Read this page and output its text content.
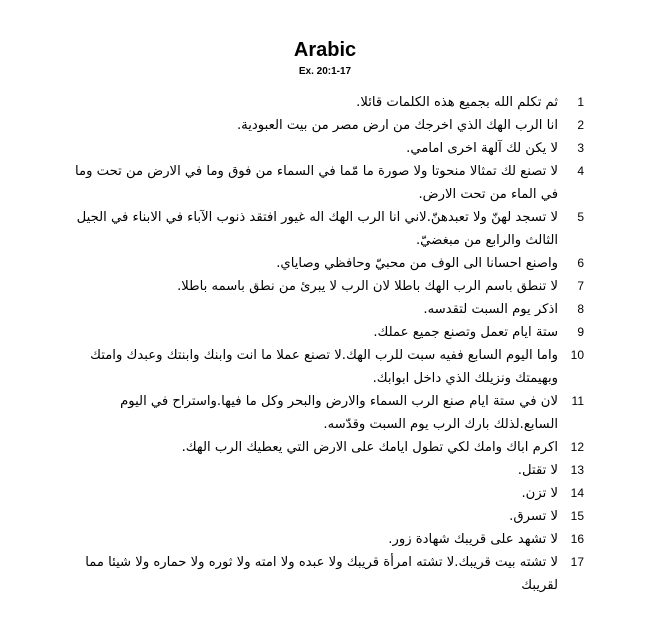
Arabic
Ex. 20:1-17

1
ثم تكلم الله بجميع هذه الكلمات قائلا.

2
انا الرب الهك الذي اخرجك من ارض مصر من بيت العبودية.

3
لا يكن لك آلهة اخرى امامي.

4
لا تصنع لك تمثالا منحوتا ولا صورة ما مّما في السماء من فوق وما في الارض من تحت وما في الماء من تحت الارض.

5
لا تسجد لهنّ ولا تعبدهنّ.لاني انا الرب الهك اله غيور افتقد ذنوب الآباء في الابناء في الجيل الثالث والرابع من مبغضيّ.

6
واصنع احسانا الى الوف من محبيّ وحافظي وصاياي.

7
لا تنطق باسم الرب الهك باطلا لان الرب لا يبرئ من نطق باسمه باطلا.

8
اذكر يوم السبت لتقدسه.

9
ستة ايام تعمل وتصنع جميع عملك.

10
واما اليوم السابع ففيه سبت للرب الهك.لا تصنع عملا ما انت وابنك وابنتك وعبدك وامتك وبهيمتك ونزيلك الذي داخل ابوابك.

11
لان في ستة ايام صنع الرب السماء والارض والبحر وكل ما فيها.واستراح في اليوم السابع.لذلك بارك الرب يوم السبت وقدّسه.

12
اكرم اباك وامك لكي تطول ايامك على الارض التي يعطيك الرب الهك.

13
لا تقتل.

14
لا تزن.

15
لا تسرق.

16
لا تشهد على قريبك شهادة زور.

17
لا تشته بيت قريبك.لا تشته امرأة قريبك ولا عبده ولا امته ولا ثوره ولا حماره ولا شيئا مما لقريبك
